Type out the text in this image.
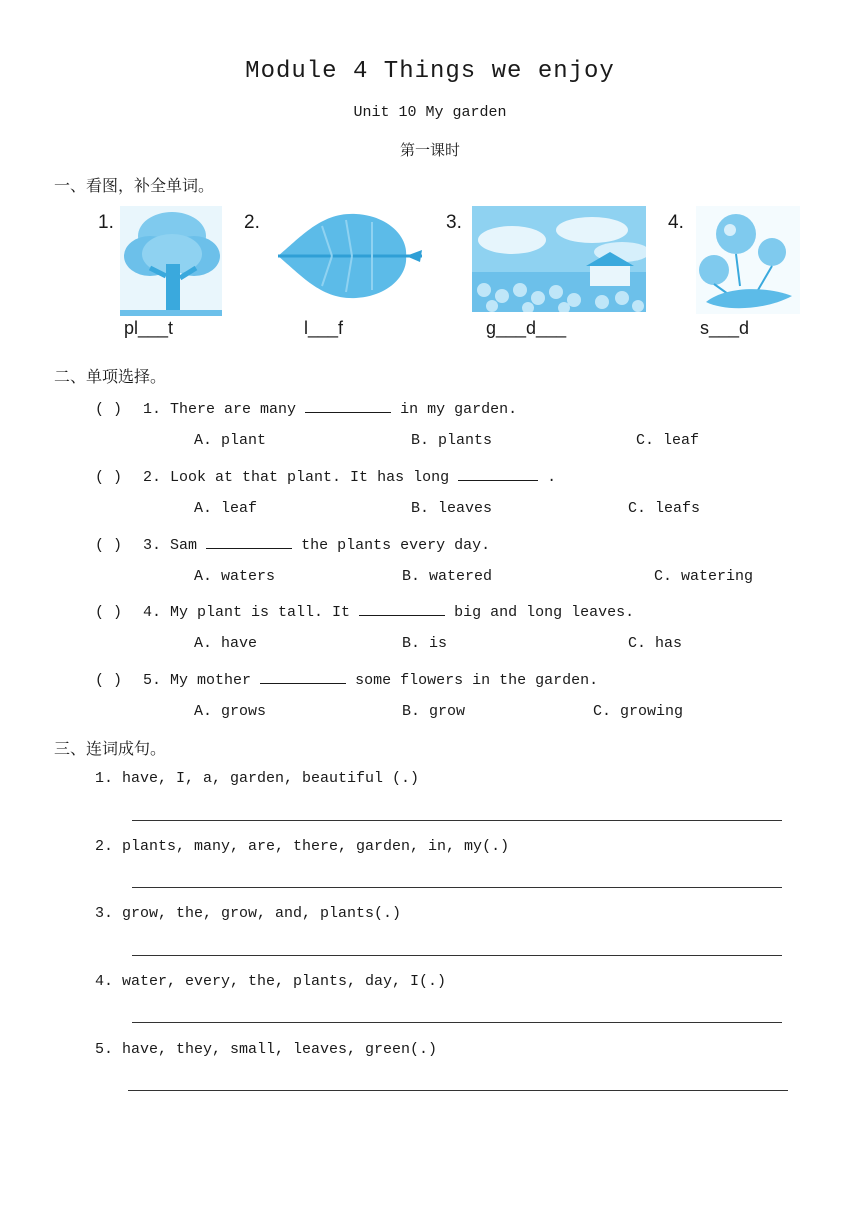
Module 4 Things we enjoy
Unit 10 My garden
第一课时
一、看图，补全单词。
1.
pl___t
2.
l___f
3.
g___d___
4.
s___d
二、单项选择。
( ) 1. There are many	in my garden.
A. plant	B. plants	C. leaf
( ) 2. Look at that plant. It has long	.
A. leaf	B. leaves	C. leafs
( ) 3. Sam	the plants every day.
A. waters	B. watered	C. watering
( ) 4. My plant is tall. It	big and long leaves.
A. have	B. is	C. has
( ) 5. My mother	some flowers in the garden.
A. grows	B. grow	C. growing
三、连词成句。
1. have, I, a, garden, beautiful (.)
2. plants, many, are, there, garden, in, my(.)
3. grow, the, grow, and, plants(.)
4. water, every, the, plants, day, I(.)
5. have, they, small, leaves, green(.)
